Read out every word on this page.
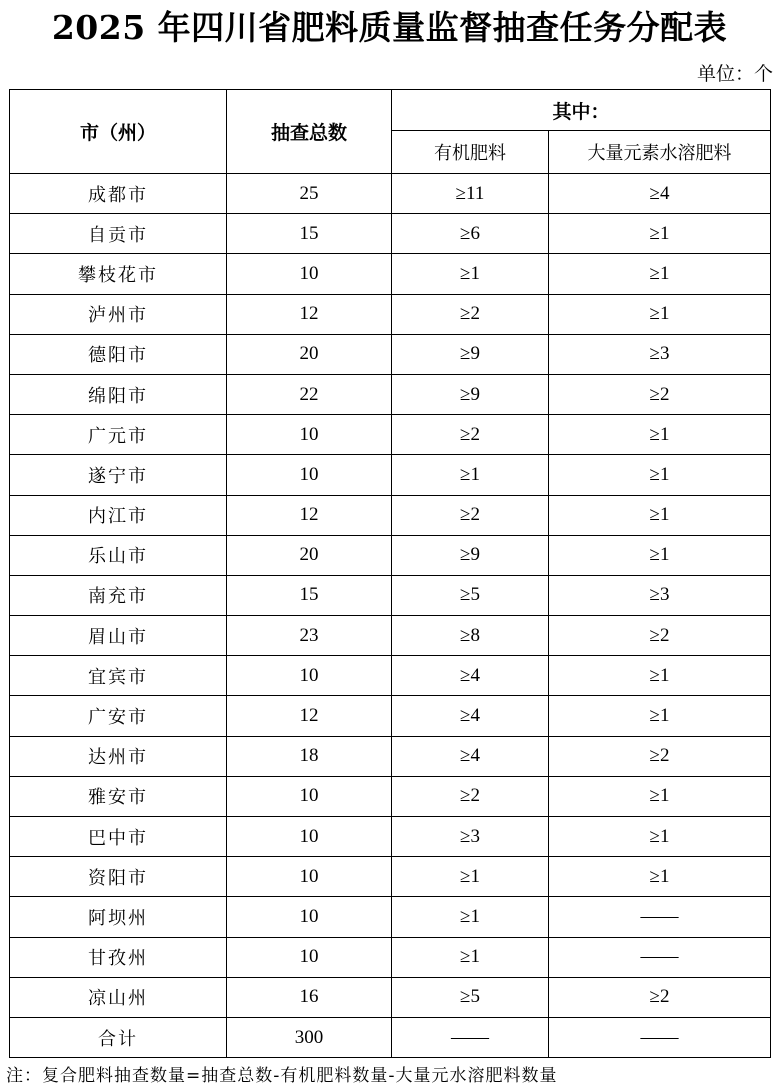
2025 年四川省肥料质量监督抽查任务分配表
单位：个
市（州）	抽查总数	其中：	
		有机肥料	大量元素水溶肥料
成都市	25	≥11	≥4
自贡市	15	≥6	≥1
攀枝花市	10	≥1	≥1
泸州市	12	≥2	≥1
德阳市	20	≥9	≥3
绵阳市	22	≥9	≥2
广元市	10	≥2	≥1
遂宁市	10	≥1	≥1
内江市	12	≥2	≥1
乐山市	20	≥9	≥1
南充市	15	≥5	≥3
眉山市	23	≥8	≥2
宜宾市	10	≥4	≥1
广安市	12	≥4	≥1
达州市	18	≥4	≥2
雅安市	10	≥2	≥1
巴中市	10	≥3	≥1
资阳市	10	≥1	≥1
阿坝州	10	≥1	——
甘孜州	10	≥1	——
凉山州	16	≥5	≥2
合计	300	——	——
注：复合肥料抽查数量=抽查总数-有机肥料数量-大量元水溶肥料数量
